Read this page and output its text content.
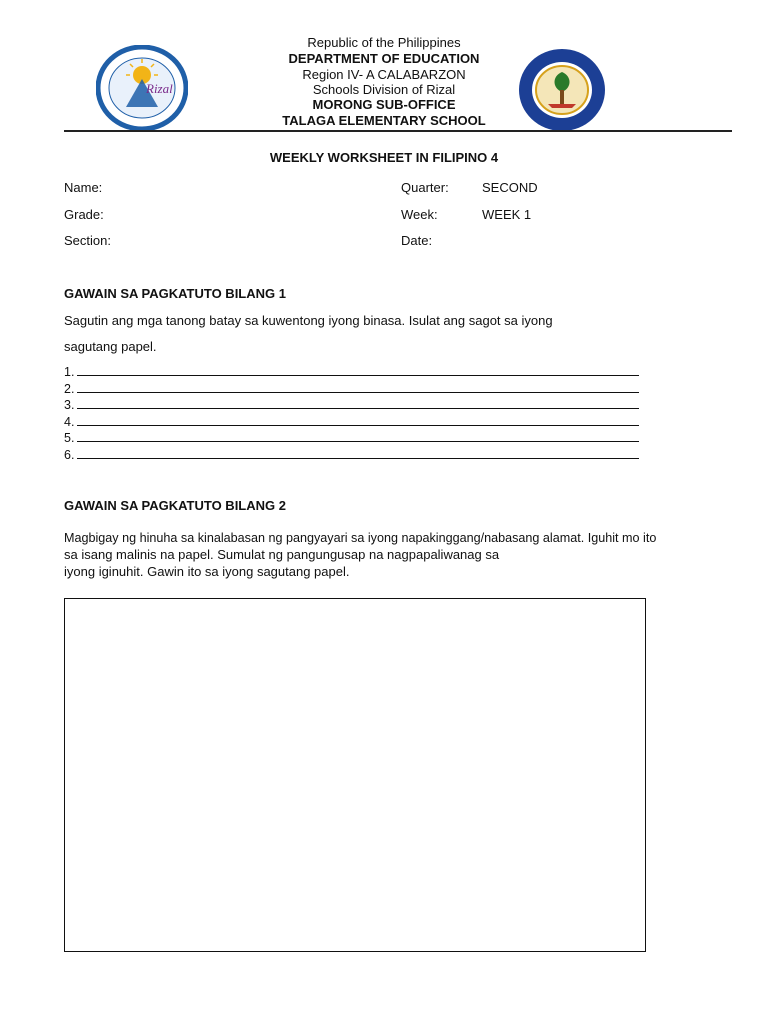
Rizal
Republic of the Philippines
DEPARTMENT OF EDUCATION
Region IV- A CALABARZON
Schools Division of Rizal
MORONG SUB-OFFICE
TALAGA ELEMENTARY SCHOOL
WEEKLY WORKSHEET IN FILIPINO 4
Name:
Grade:
Section:
Quarter:	SECOND
Week:	WEEK 1
Date:
GAWAIN SA PAGKATUTO BILANG 1
Sagutin ang mga tanong batay sa kuwentong iyong binasa. Isulat ang sagot sa iyong
sagutang papel.
1.
2.
3.
4.
5.
6.
GAWAIN SA PAGKATUTO BILANG 2
Magbigay ng hinuha sa kinalabasan ng pangyayari sa iyong napakinggang/nabasang alamat. Iguhit mo ito
sa isang malinis na papel. Sumulat ng pangungusap na nagpapaliwanag sa
iyong iginuhit. Gawin ito sa iyong sagutang papel.
